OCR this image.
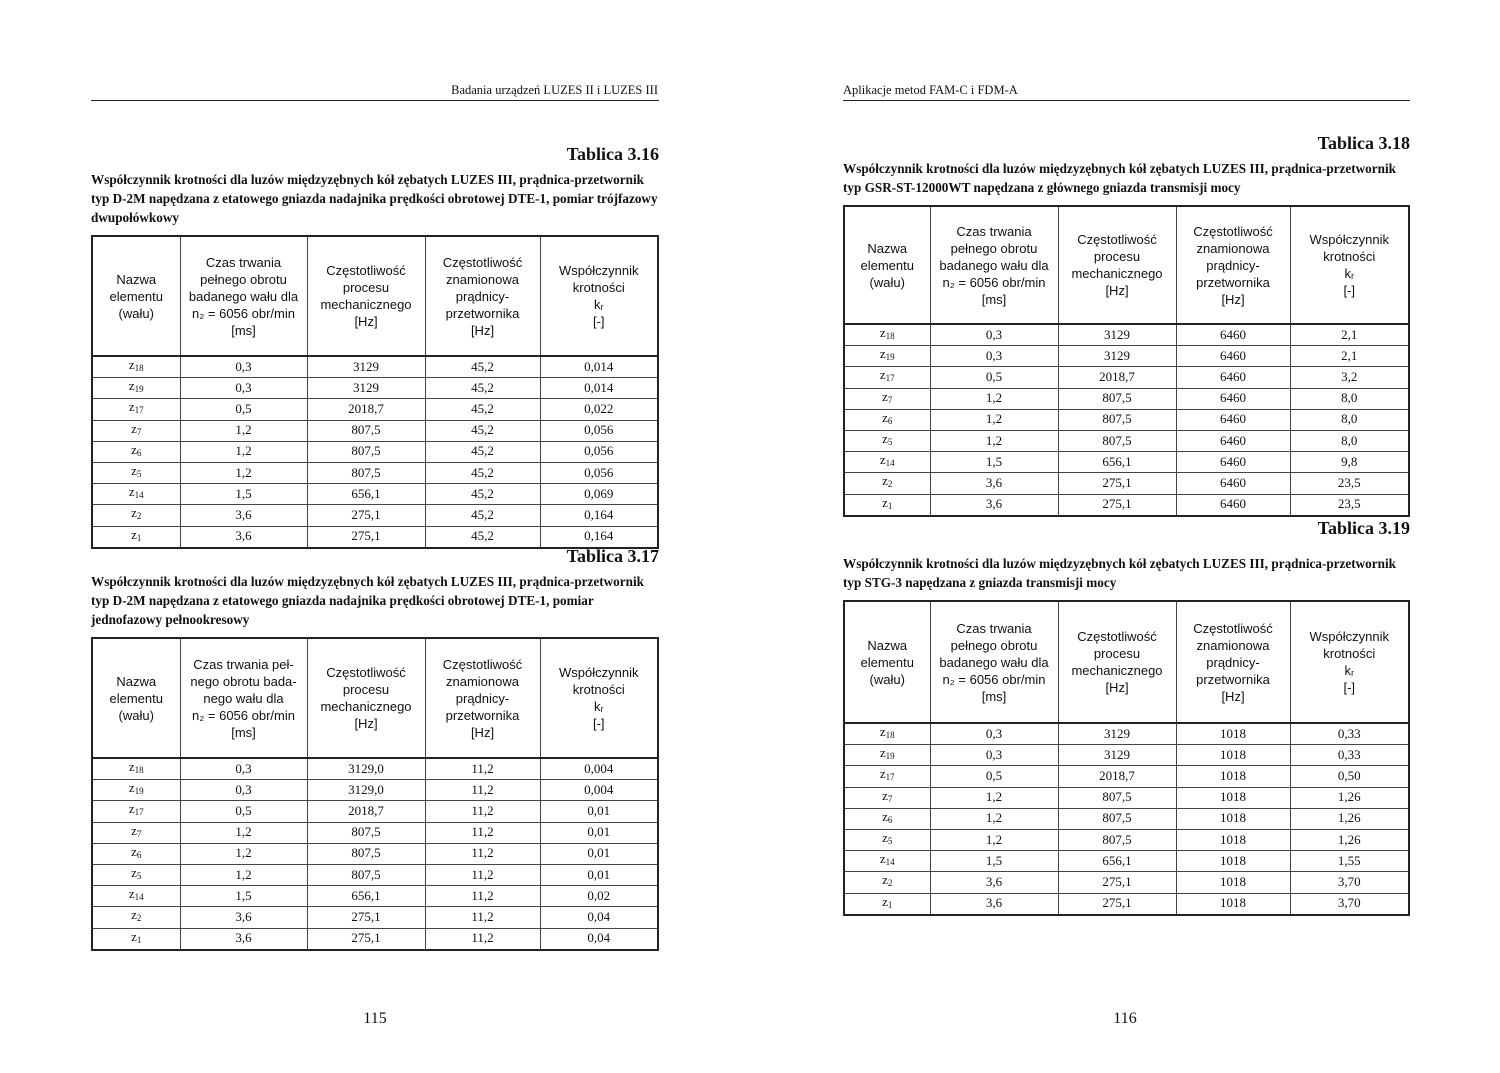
Badania urządzeń LUZES II i LUZES III
Tablica 3.16
Współczynnik krotności dla luzów międzyzębnych kół zębatych LUZES III, prądnica-przetwornik typ D-2M napędzana z etatowego gniazda nadajnika prędkości obrotowej DTE-1, pomiar trójfazowy dwupołówkowy
Nazwa
elementu
(wału)	Czas trwania
pełnego obrotu
badanego wału dla
n₂ = 6056 obr/min
[ms]	Częstotliwość
procesu
mechanicznego
[Hz]	Częstotliwość
znamionowa
prądnicy-
przetwornika
[Hz]	Współczynnik
krotności
kᵣ
[-]

$z_{18}$	0,3	3129	45,2	0,014
$z_{19}$	0,3	3129	45,2	0,014
$z_{17}$	0,5	2018,7	45,2	0,022
$z_7$	1,2	807,5	45,2	0,056
$z_6$	1,2	807,5	45,2	0,056
$z_5$	1,2	807,5	45,2	0,056
$z_{14}$	1,5	656,1	45,2	0,069
$z_2$	3,6	275,1	45,2	0,164
$z_1$	3,6	275,1	45,2	0,164
Tablica 3.17
Współczynnik krotności dla luzów międzyzębnych kół zębatych LUZES III, prądnica-przetwornik typ D-2M napędzana z etatowego gniazda nadajnika prędkości obrotowej DTE-1, pomiar jednofazowy pełnookresowy
Nazwa
elementu
(wału)	Czas trwania peł-
nego obrotu bada-
nego wału dla
n₂ = 6056 obr/min
[ms]	Częstotliwość
procesu
mechanicznego
[Hz]	Częstotliwość
znamionowa
prądnicy-
przetwornika
[Hz]	Współczynnik
krotności
kᵣ
[-]

$z_{18}$	0,3	3129,0	11,2	0,004
$z_{19}$	0,3	3129,0	11,2	0,004
$z_{17}$	0,5	2018,7	11,2	0,01
$z_7$	1,2	807,5	11,2	0,01
$z_6$	1,2	807,5	11,2	0,01
$z_5$	1,2	807,5	11,2	0,01
$z_{14}$	1,5	656,1	11,2	0,02
$z_2$	3,6	275,1	11,2	0,04
$z_1$	3,6	275,1	11,2	0,04
115
Aplikacje metod FAM-C i FDM-A
Tablica 3.18
Współczynnik krotności dla luzów międzyzębnych kół zębatych LUZES III, prądnica-przetwornik typ GSR-ST-12000WT napędzana z głównego gniazda transmisji mocy
Nazwa
elementu
(wału)	Czas trwania
pełnego obrotu
badanego wału dla
n₂ = 6056 obr/min
[ms]	Częstotliwość
procesu
mechanicznego
[Hz]	Częstotliwość
znamionowa
prądnicy-
przetwornika
[Hz]	Współczynnik
krotności
kᵣ
[-]

$z_{18}$	0,3	3129	6460	2,1
$z_{19}$	0,3	3129	6460	2,1
$z_{17}$	0,5	2018,7	6460	3,2
$z_7$	1,2	807,5	6460	8,0
$z_6$	1,2	807,5	6460	8,0
$z_5$	1,2	807,5	6460	8,0
$z_{14}$	1,5	656,1	6460	9,8
$z_2$	3,6	275,1	6460	23,5
$z_1$	3,6	275,1	6460	23,5
Tablica 3.19
Współczynnik krotności dla luzów międzyzębnych kół zębatych LUZES III, prądnica-przetwornik typ STG-3 napędzana z gniazda transmisji mocy
Nazwa
elementu
(wału)	Czas trwania
pełnego obrotu
badanego wału dla
n₂ = 6056 obr/min
[ms]	Częstotliwość
procesu
mechanicznego
[Hz]	Częstotliwość
znamionowa
prądnicy-
przetwornika
[Hz]	Współczynnik
krotności
kᵣ
[-]

$z_{18}$	0,3	3129	1018	0,33
$z_{19}$	0,3	3129	1018	0,33
$z_{17}$	0,5	2018,7	1018	0,50
$z_7$	1,2	807,5	1018	1,26
$z_6$	1,2	807,5	1018	1,26
$z_5$	1,2	807,5	1018	1,26
$z_{14}$	1,5	656,1	1018	1,55
$z_2$	3,6	275,1	1018	3,70
$z_1$	3,6	275,1	1018	3,70
116
